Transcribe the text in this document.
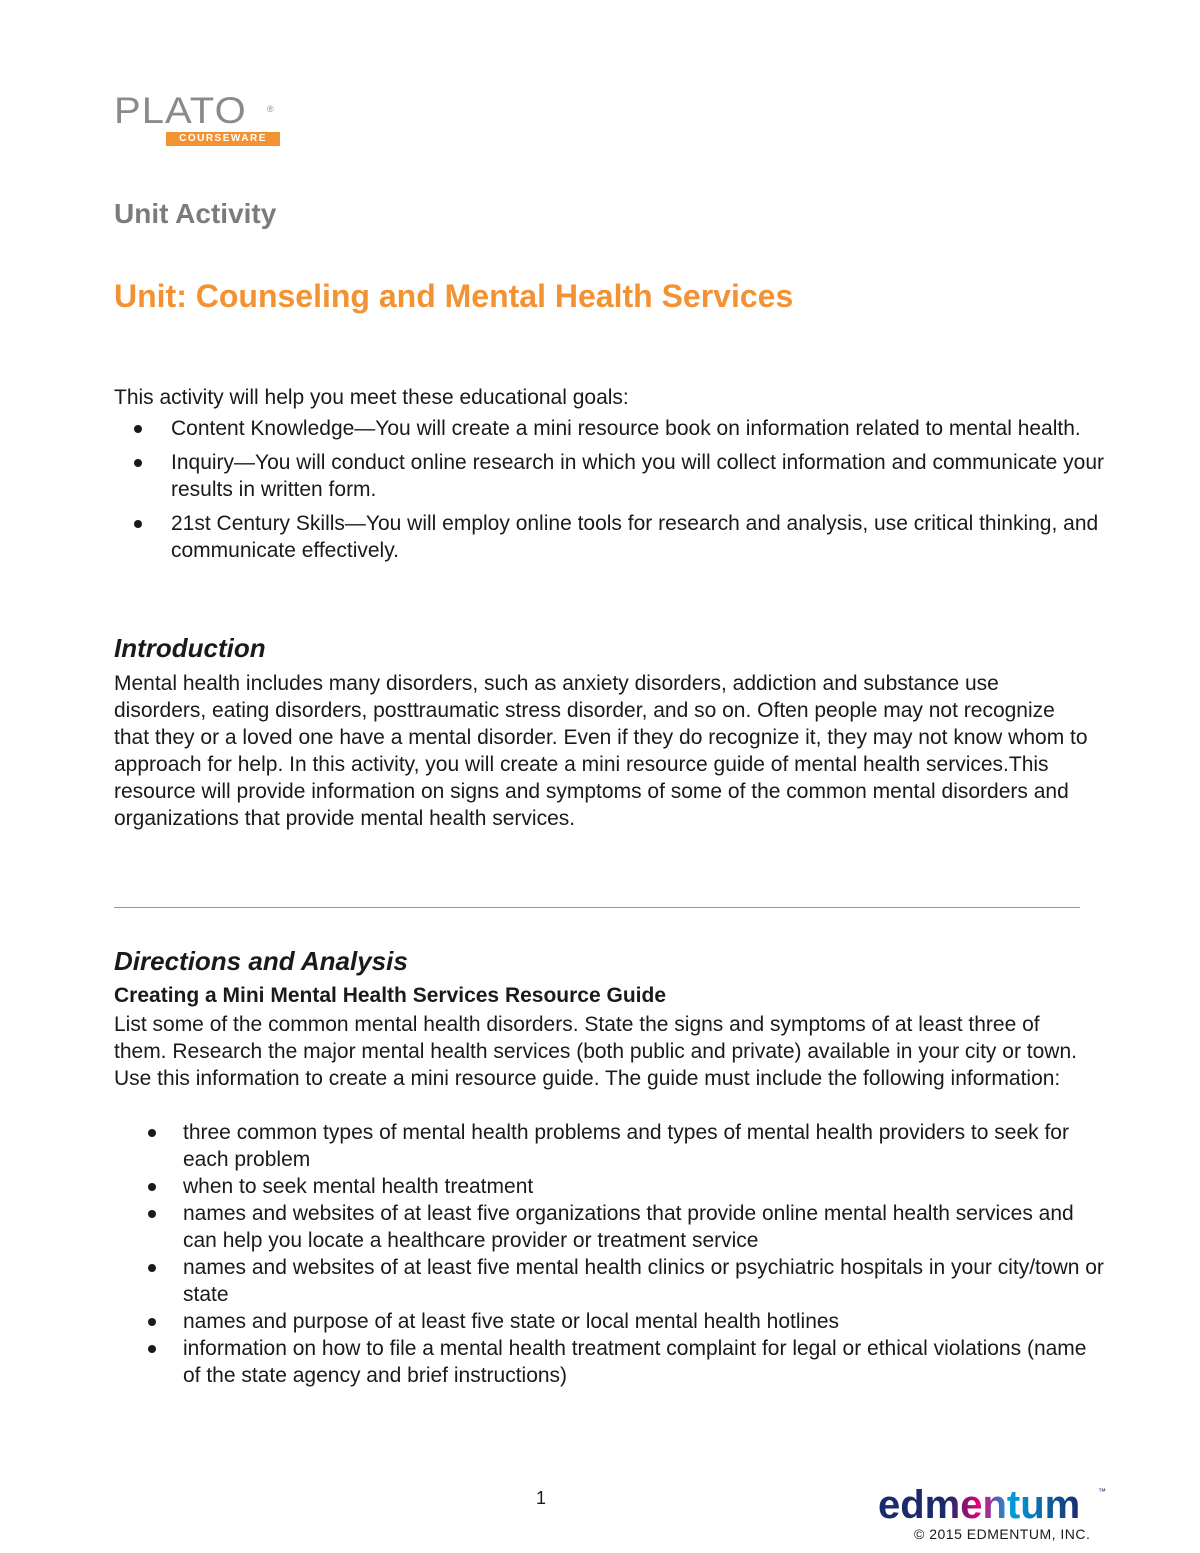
PLATO ®
COURSEWARE
Unit Activity
Unit: Counseling and Mental Health Services
This activity will help you meet these educational goals:
Content Knowledge—You will create a mini resource book on information related to mental health.
Inquiry—You will conduct online research in which you will collect information and communicate your results in written form.
21st Century Skills—You will employ online tools for research and analysis, use critical thinking, and communicate effectively.
Introduction

Mental health includes many disorders, such as anxiety disorders, addiction and substance use disorders, eating disorders, posttraumatic stress disorder, and so on. Often people may not recognize that they or a loved one have a mental disorder. Even if they do recognize it, they may not know whom to approach for help. In this activity, you will create a mini resource guide of mental health services.This resource will provide information on signs and symptoms of some of the common mental disorders and organizations that provide mental health services.

Directions and Analysis
Creating a Mini Mental Health Services Resource Guide

List some of the common mental health disorders. State the signs and symptoms of at least three of them. Research the major mental health services (both public and private) available in your city or town. Use this information to create a mini resource guide. The guide must include the following information:

three common types of mental health problems and types of mental health providers to seek for each problem
when to seek mental health treatment
names and websites of at least five organizations that provide online mental health services and can help you locate a healthcare provider or treatment service
names and websites of at least five mental health clinics or psychiatric hospitals in your city/town or state
names and purpose of at least five state or local mental health hotlines
information on how to file a mental health treatment complaint for legal or ethical violations (name of the state agency and brief instructions)
1	edmentum ™
© 2015 EDMENTUM, INC.
